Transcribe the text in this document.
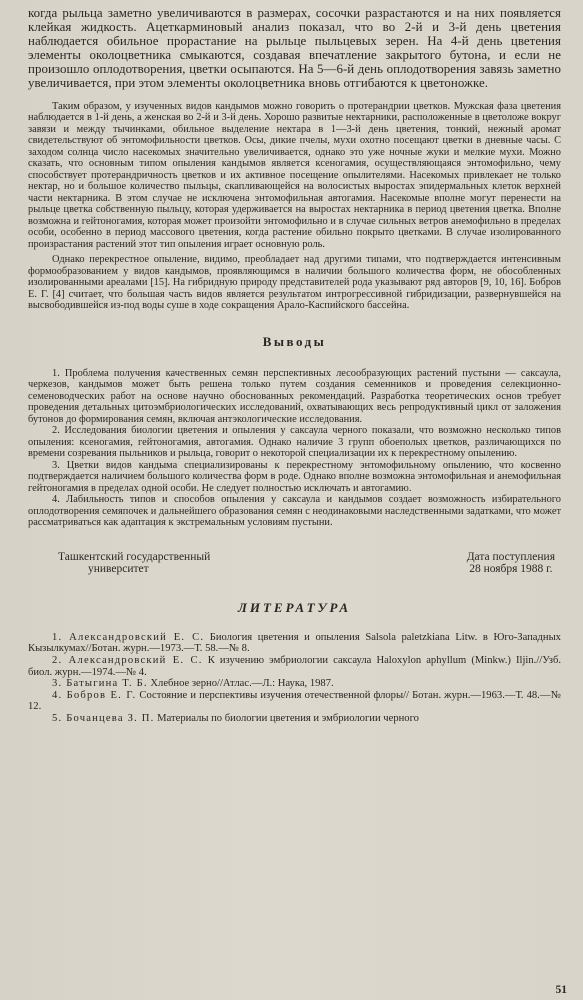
когда рыльца заметно увеличиваются в размерах, сосочки разрастаются и на них появляется клейкая жидкость. Ацеткарминовый анализ показал, что во 2-й и 3-й день цветения наблюдается обильное прорастание на рыльце пыльцевых зерен. На 4-й день цветения элементы околоцветника смыкаются, создавая впечатление закрытого бутона, и если не произошло оплодотворения, цветки осыпаются. На 5—6-й день оплодотворения завязь заметно увеличивается, при этом элементы околоцветника вновь отгибаются к цветоножке.

Таким образом, у изученных видов кандымов можно говорить о протерандрии цветков. Мужская фаза цветения наблюдается в 1-й день, а женская во 2-й и 3-й день. Хорошо развитые нектарники, расположенные в цветоложе вокруг завязи и между тычинками, обильное выделение нектара в 1—3-й день цветения, тонкий, нежный аромат свидетельствуют об энтомофильности цветков. Осы, дикие пчелы, мухи охотно посещают цветки в дневные часы. С заходом солнца число насекомых значительно увеличивается, однако это уже ночные жуки и мелкие мухи. Можно сказать, что основным типом опыления кандымов является ксеногамия, осуществляющаяся энтомофильно, чему способствует протерандричность цветков и их активное посещение опылителями. Насекомых привлекает не только нектар, но и большое количество пыльцы, скапливающейся на волосистых выростах эпидермальных клеток верхней части нектарника. В этом случае не исключена энтомофильная автогамия. Насекомые вполне могут перенести на рыльце цветка собственную пыльцу, которая удерживается на выростах нектарника в период цветения цветка. Вполне возможна и гейтоногамия, которая может произойти энтомофильно и в случае сильных ветров анемофильно в пределах особи, особенно в период массового цветения, когда растение обильно покрыто цветками. В случае изолированного произрастания растений этот тип опыления играет основную роль.

Однако перекрестное опыление, видимо, преобладает над другими типами, что подтверждается интенсивным формообразованием у видов кандымов, проявляющимся в наличии большого количества форм, не обособленных изолированными ареалами [15]. На гибридную природу представителей рода указывают ряд авторов [9, 10, 16]. Бобров Е. Г. [4] считает, что большая часть видов является результатом интрогрессивной гибридизации, развернувшейся на высвободившейся из-под воды суше в ходе сокращения Арало-Каспийского бассейна.

Выводы

1. Проблема получения качественных семян перспективных лесообразующих растений пустыни — саксаула, черкезов, кандымов может быть решена только путем создания семенников и проведения селекционно-семеноводческих работ на основе научно обоснованных рекомендаций. Разработка теоретических основ требует проведения детальных цитоэмбриологических исследований, охватывающих весь репродуктивный цикл от заложения бутонов до формирования семян, включая антэкологические исследования.

2. Исследования биологии цветения и опыления у саксаула черного показали, что возможно несколько типов опыления: ксеногамия, гейтоногамия, автогамия. Однако наличие 3 групп обоеполых цветков, различающихся по времени созревания пыльников и рыльца, говорит о некоторой специализации их к перекрестному опылению.

3. Цветки видов кандыма специализированы к перекрестному энтомофильному опылению, что косвенно подтверждается наличием большого количества форм в роде. Однако вполне возможна энтомофильная и анемофильная гейтоногамия в пределах одной особи. Не следует полностью исключать и автогамию.

4. Лабильность типов и способов опыления у саксаула и кандымов создает возможность избирательного оплодотворения семяпочек и дальнейшего образования семян с неодинаковыми наследственными задатками, что может рассматриваться как адаптация к экстремальным условиям пустыни.

Ташкентский государственный
университет
Дата поступления
28 ноября 1988 г.
ЛИТЕРАТУРА

1. Александровский Е. С. Биология цветения и опыления Salsola paletzkiana Litw. в Юго-Западных Кызылкумах//Ботан. журн.—1973.—Т. 58.—№ 8.

2. Александровский Е. С. К изучению эмбриологии саксаула Haloxylon aphyllum (Minkw.) Iljin.//Узб. биол. журн.—1974.—№ 4.

3. Батыгина Т. Б. Хлебное зерно//Атлас.—Л.: Наука, 1987.

4. Бобров Е. Г. Состояние и перспективы изучения отечественной флоры// Ботан. журн.—1963.—Т. 48.—№ 12.

5. Бочанцева З. П. Материалы по биологии цветения и эмбриологии черного

51
